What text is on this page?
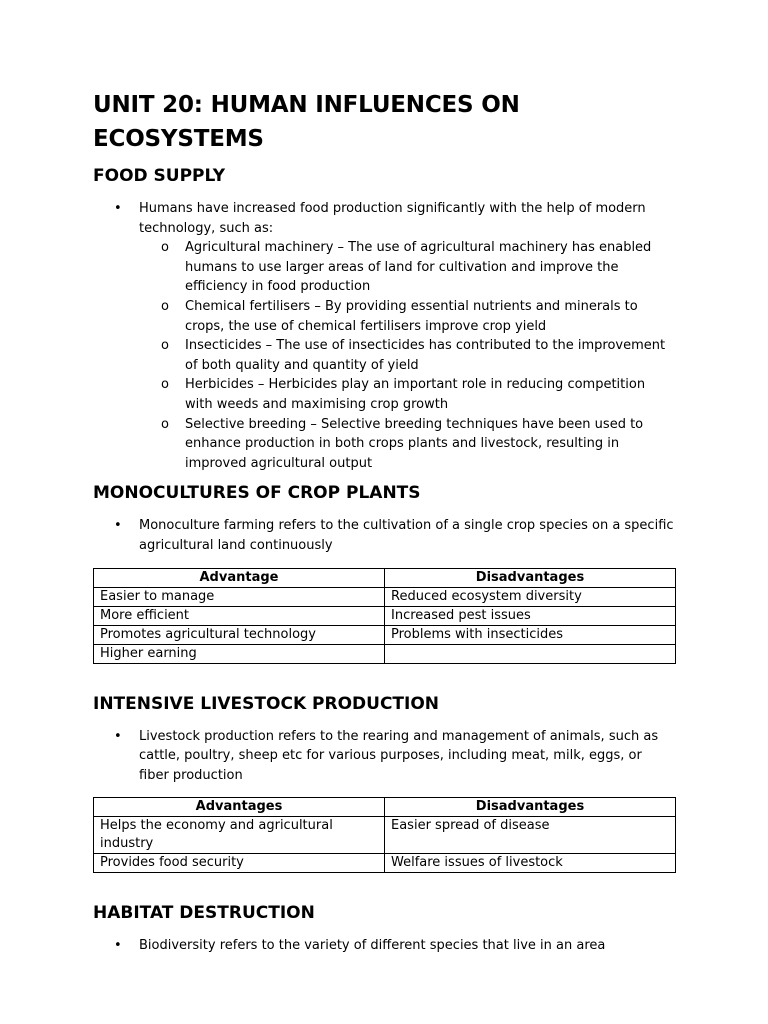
UNIT 20: HUMAN INFLUENCES ON ECOSYSTEMS
FOOD SUPPLY
• Humans have increased food production significantly with the help of modern technology, such as:
o Agricultural machinery – The use of agricultural machinery has enabled humans to use larger areas of land for cultivation and improve the efficiency in food production
o Chemical fertilisers – By providing essential nutrients and minerals to crops, the use of chemical fertilisers improve crop yield
o Insecticides – The use of insecticides has contributed to the improvement of both quality and quantity of yield
o Herbicides – Herbicides play an important role in reducing competition with weeds and maximising crop growth
o Selective breeding – Selective breeding techniques have been used to enhance production in both crops plants and livestock, resulting in improved agricultural output
MONOCULTURES OF CROP PLANTS
• Monoculture farming refers to the cultivation of a single crop species on a specific agricultural land continuously
Advantage	Disadvantages
Easier to manage	Reduced ecosystem diversity
More efficient	Increased pest issues
Promotes agricultural technology	Problems with insecticides
Higher earning	
INTENSIVE LIVESTOCK PRODUCTION
• Livestock production refers to the rearing and management of animals, such as cattle, poultry, sheep etc for various purposes, including meat, milk, eggs, or fiber production
Advantages	Disadvantages
Helps the economy and agricultural industry	Easier spread of disease
Provides food security	Welfare issues of livestock
HABITAT DESTRUCTION
• Biodiversity refers to the variety of different species that live in an area
